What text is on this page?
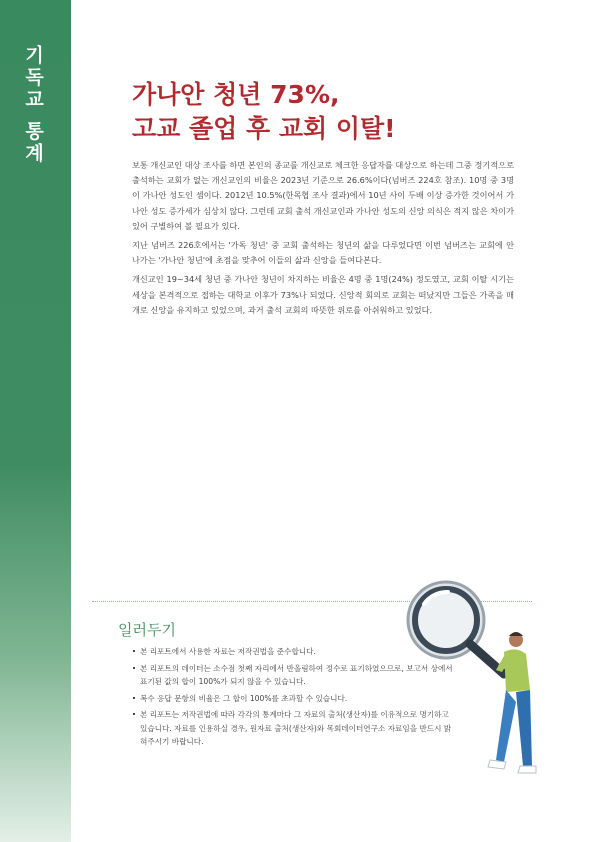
기독교 통계	가나안 청년 73%,
고교 졸업 후 교회 이탈!

보통 개신교인 대상 조사를 하면 본인의 종교를 개신교로 체크한 응답자를 대상으로 하는데 그중 정기적으로 출석하는 교회가 없는 개신교인의 비율은 2023년 기준으로 26.6%이다(넘버즈 224호 참조). 10명 중 3명이 가나안 성도인 셈이다. 2012년 10.5%(한목협 조사 결과)에서 10년 사이 두배 이상 증가한 것이어서 가나안 성도 증가세가 심상치 않다. 그런데 교회 출석 개신교인과 가나안 성도의 신앙 의식은 적지 않은 차이가 있어 구별하여 볼 필요가 있다.

지난 넘버즈 226호에서는 '가독 청년' 중 교회 출석하는 청년의 삶을 다루었다면 이번 넘버즈는 교회에 안 나가는 '가나안 청년'에 초점을 맞추어 이들의 삶과 신앙을 들여다본다.

개신교인 19~34세 청년 중 가나안 청년이 차지하는 비율은 4명 중 1명(24%) 정도였고, 교회 이탈 시기는 세상을 본격적으로 접하는 대학교 이후가 73%나 되었다. 신앙적 회의로 교회는 떠났지만 그들은 가족을 매개로 신앙을 유지하고 있었으며, 과거 출석 교회의 따뜻한 위로를 아쉬워하고 있었다.

일러두기
본 리포트에서 사용한 자료는 저작권법을 준수합니다.
본 리포트의 데이터는 소수점 첫째 자리에서 반올림하여 정수로 표기하였으므로, 보고서 상에서 표기된 값의 합이 100%가 되지 않을 수 있습니다.
복수 응답 문항의 비율은 그 합이 100%를 초과할 수 있습니다.
본 리포트는 저작권법에 따라 각각의 통계마다 그 자료의 출처(생산자)를 이유적으로 명기하고 있습니다. 자료를 인용하실 경우, 원자료 출처(생산자)와 목회데이터연구소 자료임을 반드시 밝혀주시기 바랍니다.
